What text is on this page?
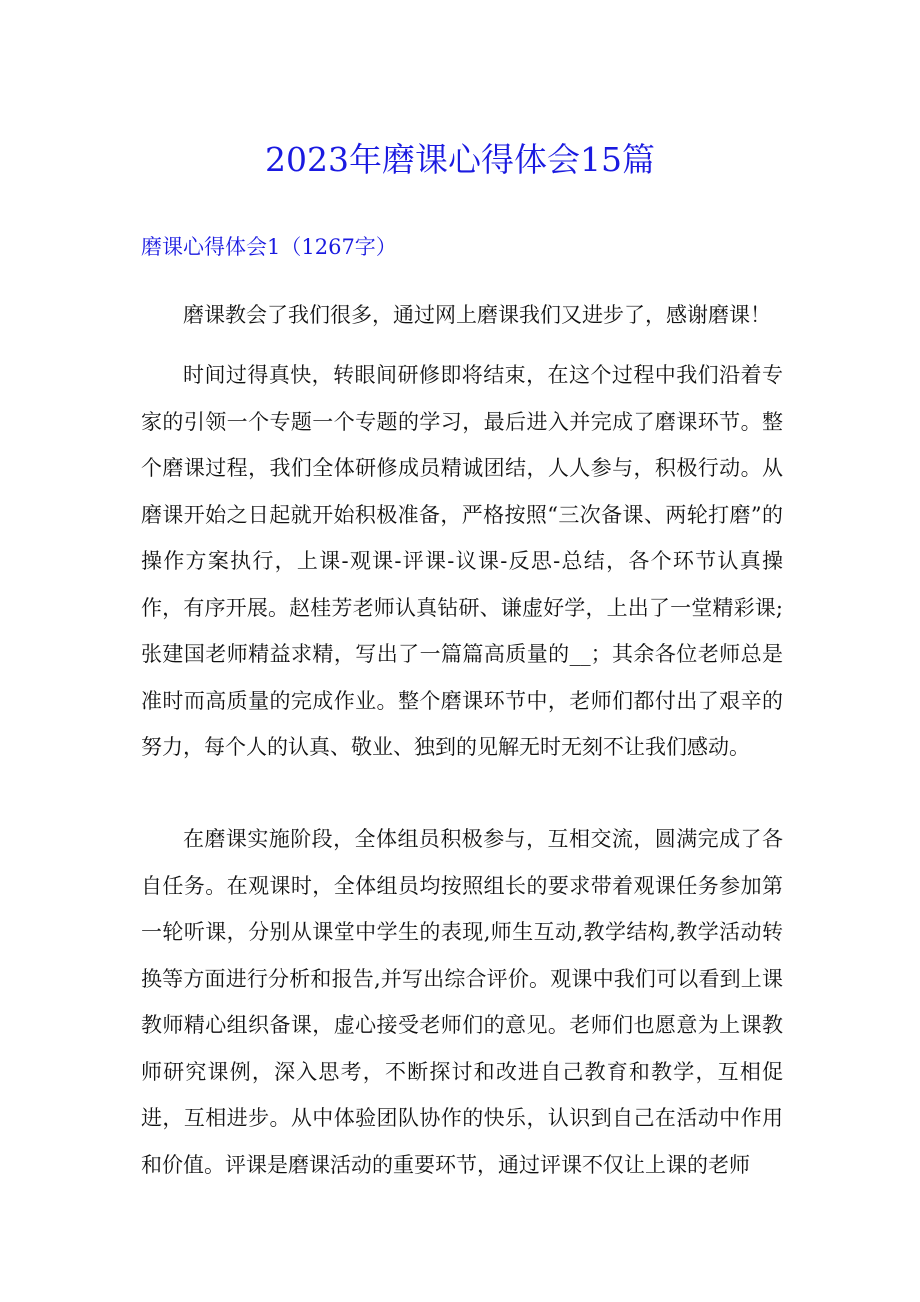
2023年磨课心得体会15篇
磨课心得体会1（1267字）

磨课教会了我们很多，通过网上磨课我们又进步了，感谢磨课！

时间过得真快，转眼间研修即将结束，在这个过程中我们沿着专家的引领一个专题一个专题的学习，最后进入并完成了磨课环节。整个磨课过程，我们全体研修成员精诚团结，人人参与，积极行动。从磨课开始之日起就开始积极准备，严格按照“三次备课、两轮打磨”的操作方案执行，上课-观课-评课-议课-反思-总结，各个环节认真操作，有序开展。赵桂芳老师认真钻研、谦虚好学，上出了一堂精彩课;张建国老师精益求精，写出了一篇篇高质量的__；其余各位老师总是准时而高质量的完成作业。整个磨课环节中，老师们都付出了艰辛的努力，每个人的认真、敬业、独到的见解无时无刻不让我们感动。

在磨课实施阶段，全体组员积极参与，互相交流，圆满完成了各自任务。在观课时，全体组员均按照组长的要求带着观课任务参加第一轮听课，分别从课堂中学生的表现,师生互动,教学结构,教学活动转换等方面进行分析和报告,并写出综合评价。观课中我们可以看到上课教师精心组织备课，虚心接受老师们的意见。老师们也愿意为上课教师研究课例，深入思考，不断探讨和改进自己教育和教学，互相促进，互相进步。从中体验团队协作的快乐，认识到自己在活动中作用和价值。评课是磨课活动的重要环节，通过评课不仅让上课的老师
